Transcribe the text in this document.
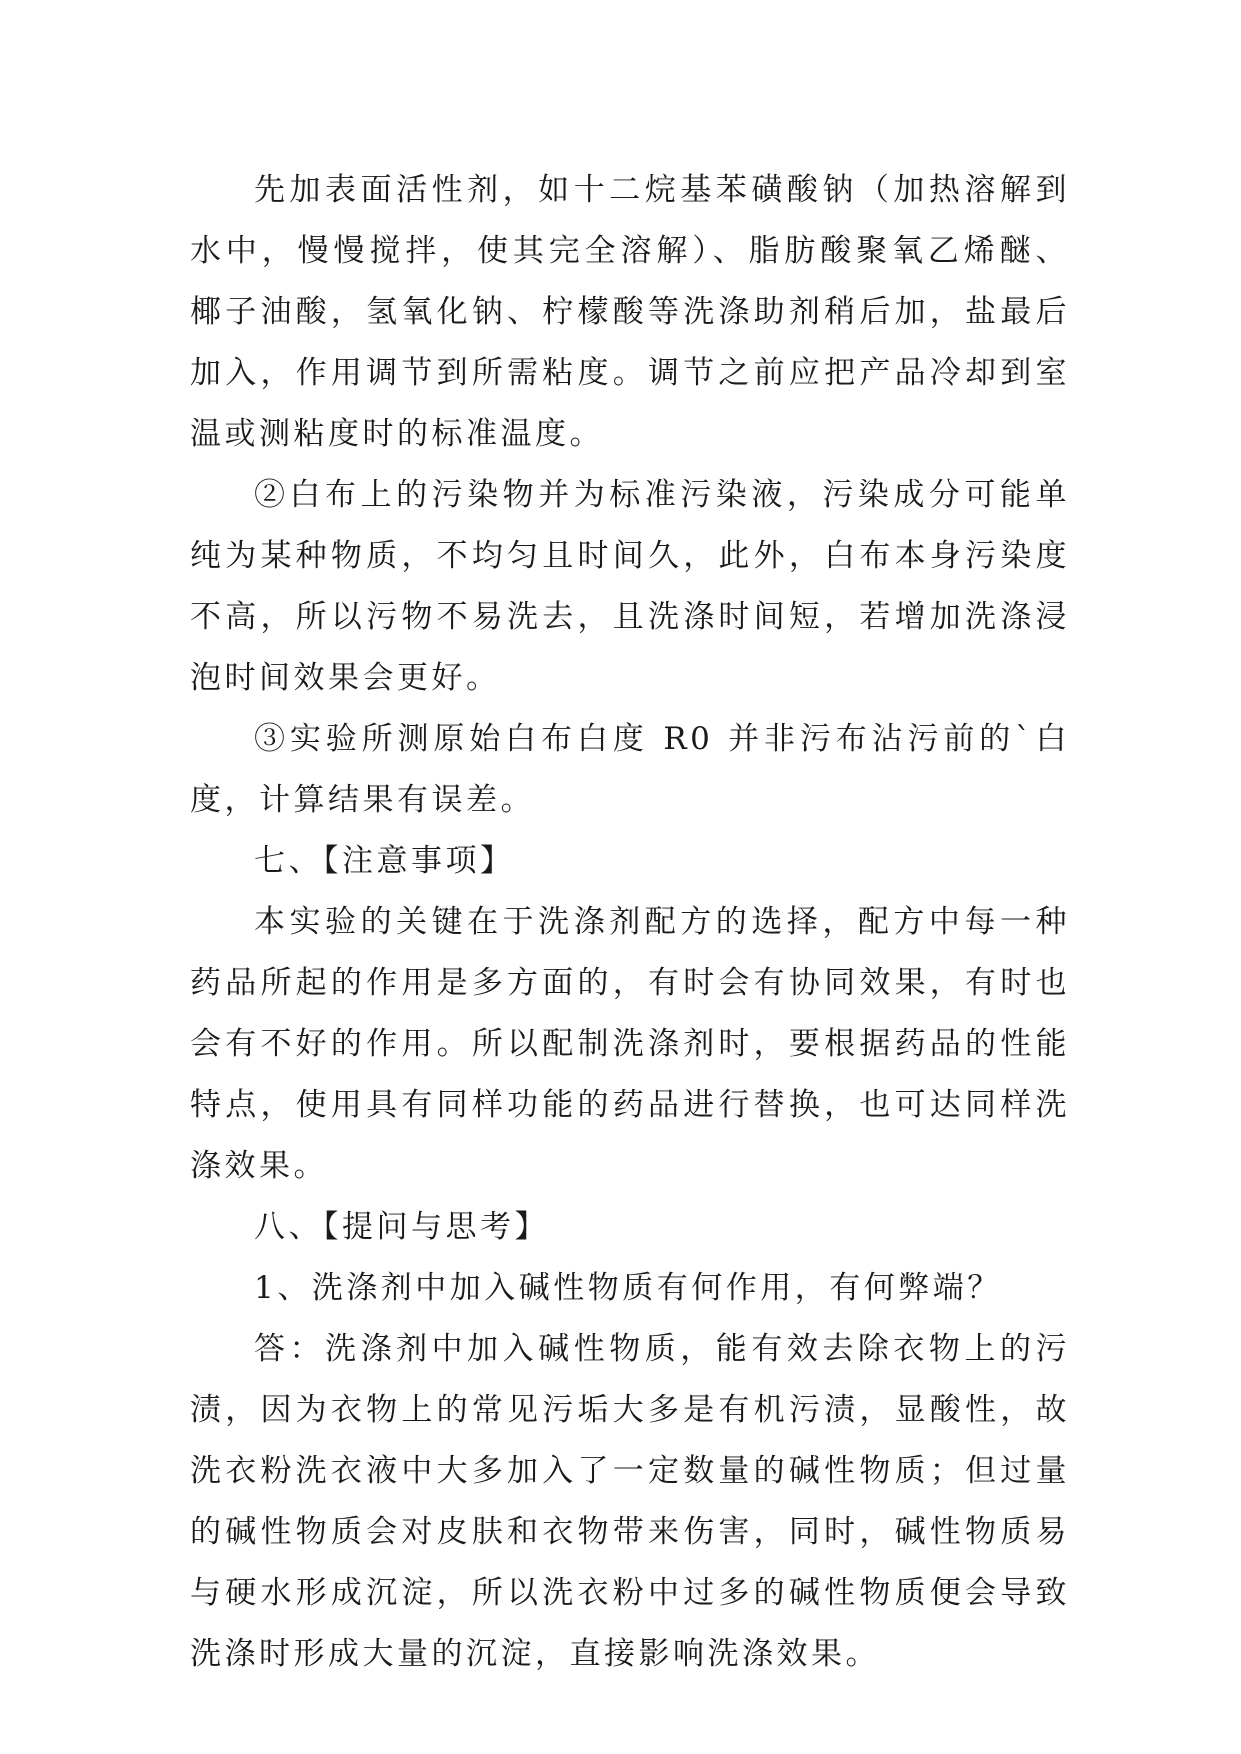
先加表面活性剂，如十二烷基苯磺酸钠（加热溶解到水中，慢慢搅拌，使其完全溶解）、脂肪酸聚氧乙烯醚、椰子油酸，氢氧化钠、柠檬酸等洗涤助剂稍后加，盐最后加入，作用调节到所需粘度。调节之前应把产品冷却到室温或测粘度时的标准温度。

②白布上的污染物并为标准污染液，污染成分可能单纯为某种物质，不均匀且时间久，此外，白布本身污染度不高，所以污物不易洗去，且洗涤时间短，若增加洗涤浸泡时间效果会更好。

③实验所测原始白布白度 R0 并非污布沾污前的`白度，计算结果有误差。

七、【注意事项】

本实验的关键在于洗涤剂配方的选择，配方中每一种药品所起的作用是多方面的，有时会有协同效果，有时也会有不好的作用。所以配制洗涤剂时，要根据药品的性能特点，使用具有同样功能的药品进行替换，也可达同样洗涤效果。

八、【提问与思考】

1、洗涤剂中加入碱性物质有何作用，有何弊端？

答：洗涤剂中加入碱性物质，能有效去除衣物上的污渍，因为衣物上的常见污垢大多是有机污渍，显酸性，故洗衣粉洗衣液中大多加入了一定数量的碱性物质；但过量的碱性物质会对皮肤和衣物带来伤害，同时，碱性物质易与硬水形成沉淀，所以洗衣粉中过多的碱性物质便会导致洗涤时形成大量的沉淀，直接影响洗涤效果。
